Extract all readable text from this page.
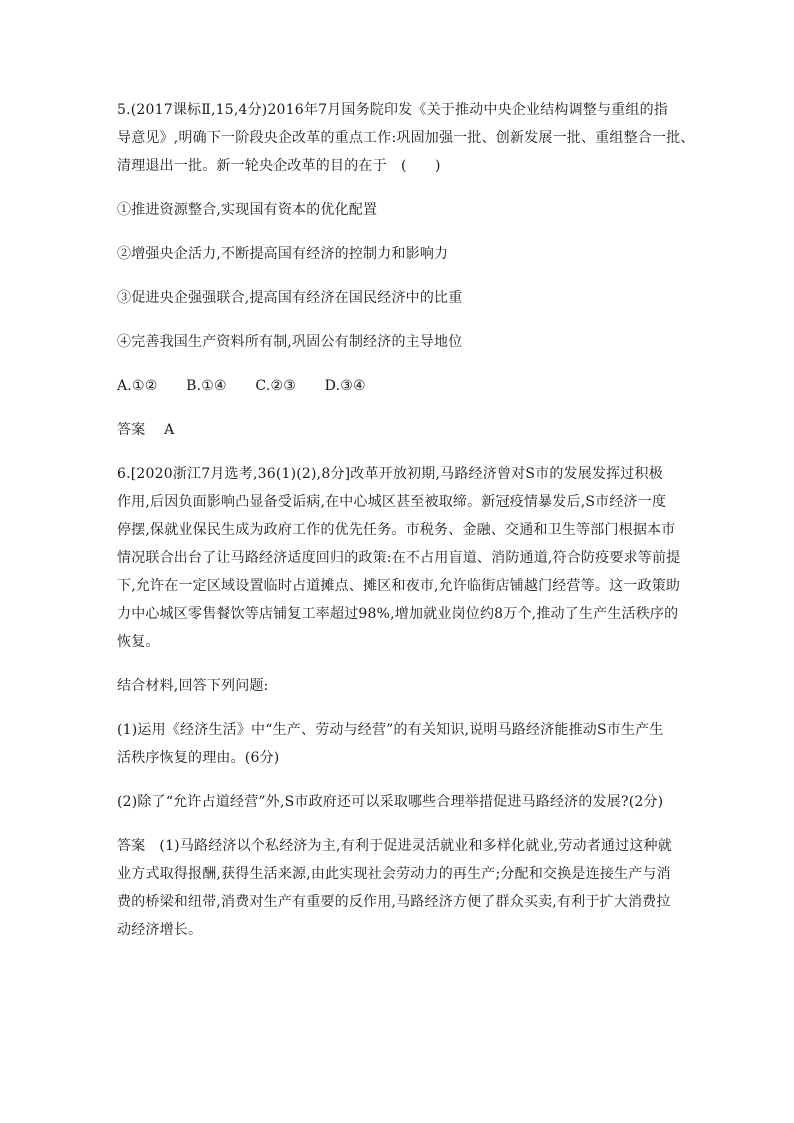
5.(2017课标Ⅱ,15,4分)2016年7月国务院印发《关于推动中央企业结构调整与重组的指
导意见》,明确下一阶段央企改革的重点工作:巩固加强一批、创新发展一批、重组整合一批、
清理退出一批。新一轮央企改革的目的在于　(　　)
①推进资源整合,实现国有资本的优化配置
②增强央企活力,不断提高国有经济的控制力和影响力
③促进央企强强联合,提高国有经济在国民经济中的比重
④完善我国生产资料所有制,巩固公有制经济的主导地位
A.①② B.①④ C.②③ D.③④
答案 A
6.[2020浙江7月选考,36(1)(2),8分]改革开放初期,马路经济曾对S市的发展发挥过积极
作用,后因负面影响凸显备受诟病,在中心城区甚至被取缔。新冠疫情暴发后,S市经济一度
停摆,保就业保民生成为政府工作的优先任务。市税务、金融、交通和卫生等部门根据本市
情况联合出台了让马路经济适度回归的政策:在不占用盲道、消防通道,符合防疫要求等前提
下,允许在一定区域设置临时占道摊点、摊区和夜市,允许临街店铺越门经营等。这一政策助
力中心城区零售餐饮等店铺复工率超过98%,增加就业岗位约8万个,推动了生产生活秩序的
恢复。
结合材料,回答下列问题:
(1)运用《经济生活》中“生产、劳动与经营”的有关知识,说明马路经济能推动S市生产生
活秩序恢复的理由。(6分)
(2)除了“允许占道经营”外,S市政府还可以采取哪些合理举措促进马路经济的发展?(2分)
答案 (1)马路经济以个私经济为主,有利于促进灵活就业和多样化就业,劳动者通过这种就
业方式取得报酬,获得生活来源,由此实现社会劳动力的再生产;分配和交换是连接生产与消
费的桥梁和纽带,消费对生产有重要的反作用,马路经济方便了群众买卖,有利于扩大消费拉
动经济增长。
